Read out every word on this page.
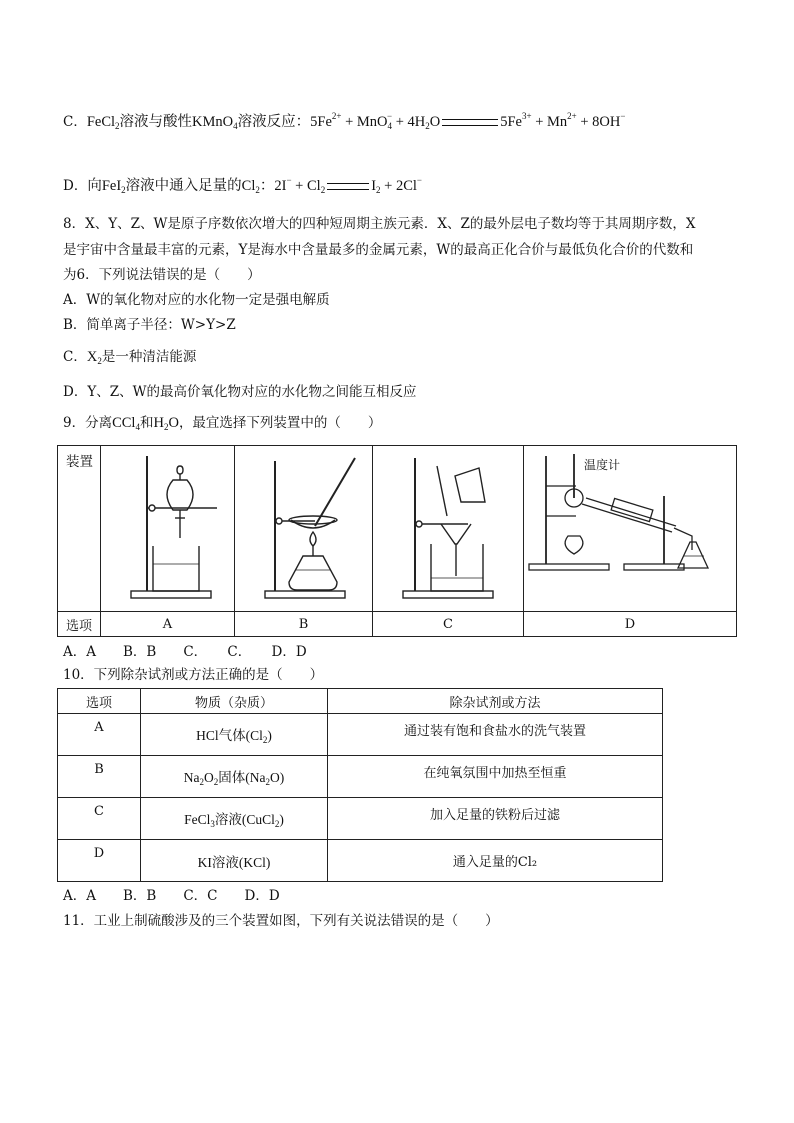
C．FeCl$_2$溶液与酸性KMnO$_4$溶液反应：$5Fe^{2+} + MnO_4^- + 4H_2O$	$5Fe^{3+} + Mn^{2+} + 8OH^-$
D．向FeI$_2$溶液中通入足量的$Cl_2$：$2I^- + Cl_2$	$I_2 + 2Cl^-$
8．X、Y、Z、W是原子序数依次增大的四种短周期主族元素．X、Z的最外层电子数均等于其周期序数，X
是宇宙中含量最丰富的元素，Y是海水中含量最多的金属元素，W的最高正化合价与最低负化合价的代数和
为6．下列说法错误的是（　　）
A．W的氧化物对应的水化物一定是强电解质
B．简单离子半径：W>Y>Z
C．$X_2$是一种清洁能源
D．Y、Z、W的最高价氧化物对应的水化物之间能互相反应
9．分离CCl$_4$和$H_2O$，最宜选择下列装置中的（　　）
装置				温度计

选项	A	B	C	D
A．A　　B．B　　C．　　C．　　D．D
10．下列除杂试剂或方法正确的是（　　）
选项	物质（杂质）	除杂试剂或方法
A	HCl气体$(Cl_2)$	通过装有饱和食盐水的洗气装置
B	$Na_2O_2$固体$(Na_2O)$	在纯氧氛围中加热至恒重
C	FeCl$_3$溶液(CuCl$_2$)	加入足量的铁粉后过滤
D	KI溶液(KCl)	通入足量的Cl₂
A．A　　B．B　　C．C　　D．D
11．工业上制硫酸涉及的三个装置如图，下列有关说法错误的是（　　）
